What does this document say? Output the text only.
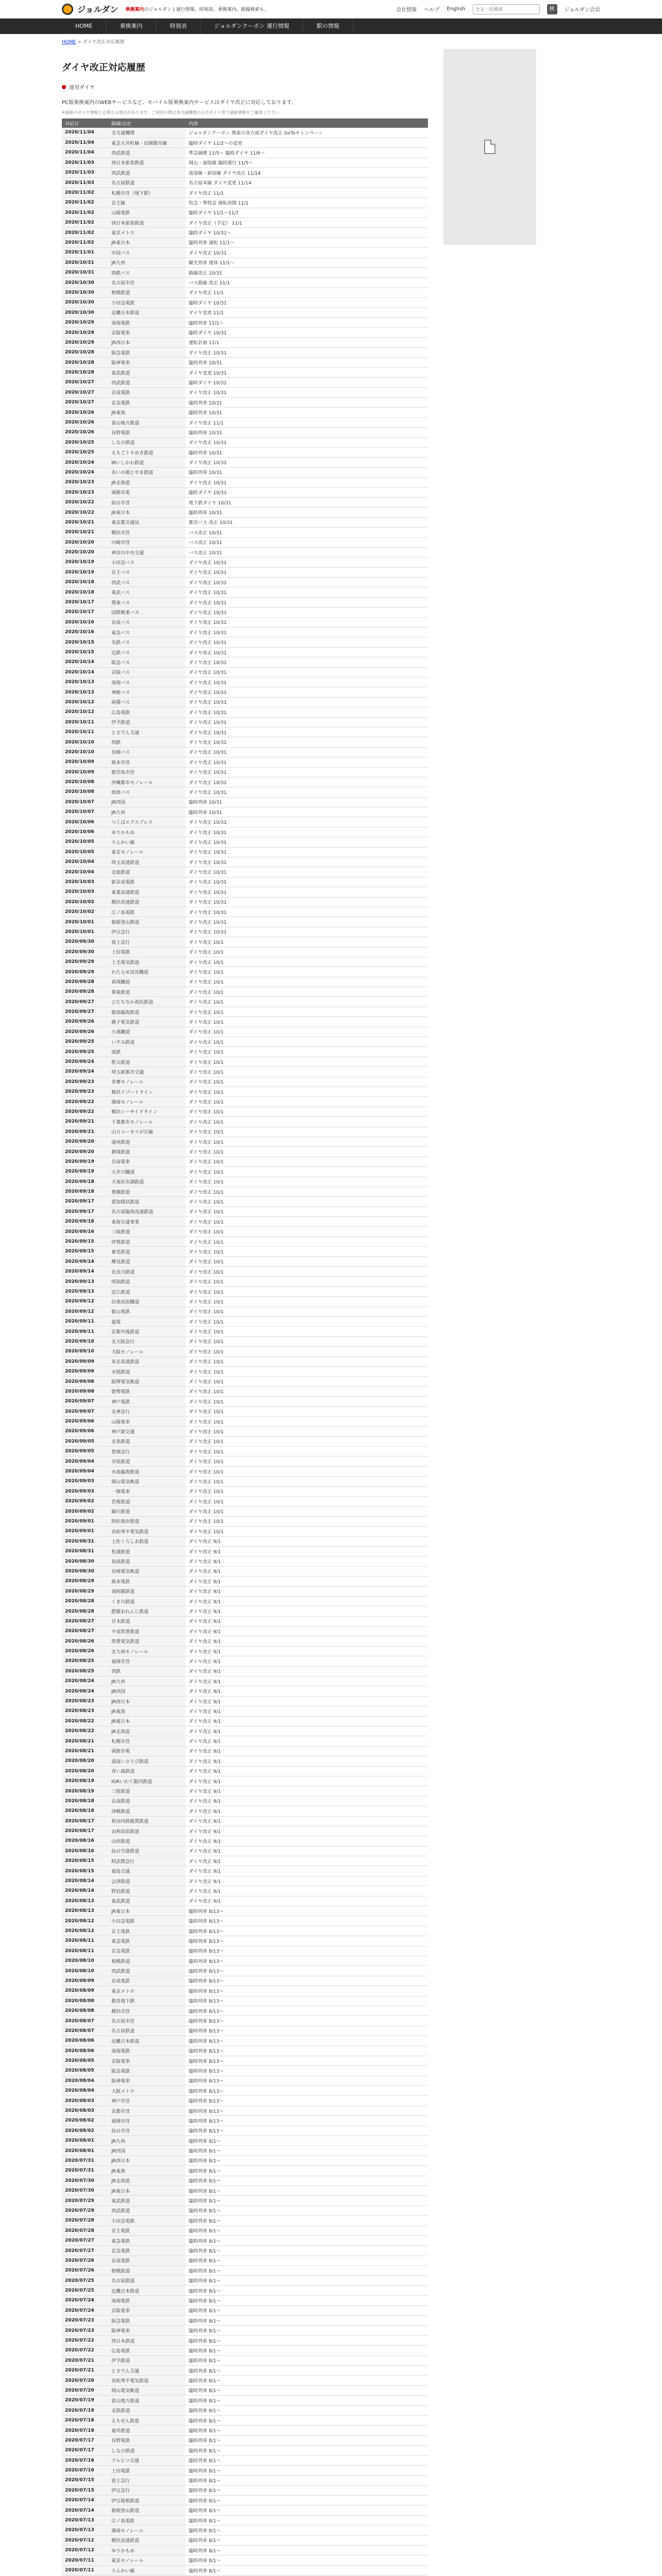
ジョルダン 乗換案内のジョルダン | 運行情報、時刻表、乗換案内、路線検索も。	会社情報 ヘルプ English
全文一括検索	検	ジョルダン会員
HOME	乗換案内	時刻表	ジョルダンクーポン 運行情報	駅の情報
HOME > ダイヤ改正対応履歴
ダイヤ改正対応履歴
運用ダイヤ

PC版乗換案内のWEBサービスなど、モバイル版乗換案内サービスはダイヤ改正に対応しております。

※最新のダイヤ情報とは異なる場合があります。ご利用の際は各交通機関の公式サイト等で最新情報をご確認ください。

対応日	路線/会社	内容
2020/11/04	全交通機関	ジョルダンクーポン 関東の各方面ダイヤ改正 GoToキャンペーン
2020/11/04	東急大井町線・田園都市線	臨時ダイヤ 11/2〜の変更
2020/11/04	西武鉄道	準急減便 11/5〜 臨時ダイヤ 11/6〜
2020/11/03	西日本旅客鉄道	岡山・福塩線 臨時運行 11/5〜
2020/11/03	西武鉄道	池袋線・新宿線 ダイヤ改正 11/14
2020/11/03	名古屋鉄道	名古屋本線 ダイヤ変更 11/14
2020/11/02	札幌市営（地下鉄）	ダイヤ改正 11/1
2020/11/02	京王線	特急・準特急 運転再開 11/1
2020/11/02	山陽電鉄	臨時ダイヤ 11/1〜11/7
2020/11/02	西日本旅客鉄道	ダイヤ改正（予定） 11/1
2020/11/02	東京メトロ	臨時ダイヤ 10/31〜
2020/11/02	JR東日本	臨時列車 運転 11/1〜
2020/11/01	中国バス	ダイヤ改正 10/31
2020/10/31	JR九州	観光列車 運休 11/1〜
2020/10/31	西鉄バス	路線改正 10/31
2020/10/30	名古屋市営	バス路線 改正 11/1
2020/10/30	相模鉄道	ダイヤ改正 11/1
2020/10/30	小田急電鉄	臨時ダイヤ 10/31
2020/10/30	近畿日本鉄道	ダイヤ変更 11/1
2020/10/29	南海電鉄	臨時列車 11/1〜
2020/10/29	京阪電車	臨時ダイヤ 10/31
2020/10/29	JR西日本	運転計画 11/1
2020/10/28	阪急電鉄	ダイヤ改正 10/31
2020/10/28	阪神電車	臨時列車 10/31
2020/10/28	東武鉄道	ダイヤ変更 10/31
2020/10/27	西武鉄道	臨時ダイヤ 10/31
2020/10/27	京成電鉄	ダイヤ改正 10/31
2020/10/27	京急電鉄	臨時列車 10/31
2020/10/26	JR東海	臨時列車 10/31
2020/10/26	富山地方鉄道	ダイヤ改正 11/1
2020/10/26	長野電鉄	臨時列車 10/31
2020/10/25	しなの鉄道	ダイヤ改正 10/31
2020/10/25	えちごトキめき鉄道	臨時列車 10/31
2020/10/24	IRいしかわ鉄道	ダイヤ改正 10/31
2020/10/24	あいの風とやま鉄道	臨時列車 10/31
2020/10/23	JR北海道	ダイヤ改正 10/31
2020/10/23	函館市電	臨時ダイヤ 10/31
2020/10/22	仙台市営	地下鉄ダイヤ 10/31
2020/10/22	JR東日本	臨時列車 10/31
2020/10/21	東京都交通局	都営バス 改正 10/31
2020/10/21	横浜市営	バス改正 10/31
2020/10/20	川崎市営	バス改正 10/31
2020/10/20	神奈川中央交通	バス改正 10/31
2020/10/19	小田急バス	ダイヤ改正 10/31
2020/10/19	京王バス	ダイヤ改正 10/31
2020/10/18	西武バス	ダイヤ改正 10/31
2020/10/18	東武バス	ダイヤ改正 10/31
2020/10/17	関東バス	ダイヤ改正 10/31
2020/10/17	国際興業バス	ダイヤ改正 10/31
2020/10/16	京成バス	ダイヤ改正 10/31
2020/10/16	東急バス	ダイヤ改正 10/31
2020/10/15	名鉄バス	ダイヤ改正 10/31
2020/10/15	近鉄バス	ダイヤ改正 10/31
2020/10/14	阪急バス	ダイヤ改正 10/31
2020/10/14	京阪バス	ダイヤ改正 10/31
2020/10/13	南海バス	ダイヤ改正 10/31
2020/10/13	神姫バス	ダイヤ改正 10/31
2020/10/12	両備バス	ダイヤ改正 10/31
2020/10/12	広島電鉄	ダイヤ改正 10/31
2020/10/11	伊予鉄道	ダイヤ改正 10/31
2020/10/11	とさでん交通	ダイヤ改正 10/31
2020/10/10	西鉄	ダイヤ改正 10/31
2020/10/10	長崎バス	ダイヤ改正 10/31
2020/10/09	熊本市営	ダイヤ改正 10/31
2020/10/09	鹿児島市営	ダイヤ改正 10/31
2020/10/08	沖縄都市モノレール	ダイヤ改正 10/31
2020/10/08	琉球バス	ダイヤ改正 10/31
2020/10/07	JR四国	臨時列車 10/31
2020/10/07	JR九州	臨時列車 10/31
2020/10/06	つくばエクスプレス	ダイヤ改正 10/31
2020/10/06	ゆりかもめ	ダイヤ改正 10/31
2020/10/05	りんかい線	ダイヤ改正 10/31
2020/10/05	東京モノレール	ダイヤ改正 10/31
2020/10/04	埼玉高速鉄道	ダイヤ改正 10/31
2020/10/04	北総鉄道	ダイヤ改正 10/31
2020/10/03	新京成電鉄	ダイヤ改正 10/31
2020/10/03	東葉高速鉄道	ダイヤ改正 10/31
2020/10/02	横浜高速鉄道	ダイヤ改正 10/31
2020/10/02	江ノ島電鉄	ダイヤ改正 10/31
2020/10/01	箱根登山鉄道	ダイヤ改正 10/31
2020/10/01	伊豆急行	ダイヤ改正 10/31
2020/09/30	富士急行	ダイヤ改正 10/1
2020/09/30	上信電鉄	ダイヤ改正 10/1
2020/09/29	上毛電気鉄道	ダイヤ改正 10/1
2020/09/29	わたらせ渓谷鐵道	ダイヤ改正 10/1
2020/09/28	真岡鐵道	ダイヤ改正 10/1
2020/09/28	関東鉄道	ダイヤ改正 10/1
2020/09/27	ひたちなか海浜鉄道	ダイヤ改正 10/1
2020/09/27	鹿島臨海鉄道	ダイヤ改正 10/1
2020/09/26	銚子電気鉄道	ダイヤ改正 10/1
2020/09/26	小湊鐵道	ダイヤ改正 10/1
2020/09/25	いすみ鉄道	ダイヤ改正 10/1
2020/09/25	流鉄	ダイヤ改正 10/1
2020/09/24	秩父鉄道	ダイヤ改正 10/1
2020/09/24	埼玉新都市交通	ダイヤ改正 10/1
2020/09/23	多摩モノレール	ダイヤ改正 10/1
2020/09/23	舞浜リゾートライン	ダイヤ改正 10/1
2020/09/22	湘南モノレール	ダイヤ改正 10/1
2020/09/22	横浜シーサイドライン	ダイヤ改正 10/1
2020/09/21	千葉都市モノレール	ダイヤ改正 10/1
2020/09/21	山万ユーカリが丘線	ダイヤ改正 10/1
2020/09/20	遠州鉄道	ダイヤ改正 10/1
2020/09/20	静岡鉄道	ダイヤ改正 10/1
2020/09/19	岳南電車	ダイヤ改正 10/1
2020/09/19	大井川鐵道	ダイヤ改正 10/1
2020/09/18	天竜浜名湖鉄道	ダイヤ改正 10/1
2020/09/18	豊橋鉄道	ダイヤ改正 10/1
2020/09/17	愛知環状鉄道	ダイヤ改正 10/1
2020/09/17	名古屋臨海高速鉄道	ダイヤ改正 10/1
2020/09/16	東海交通事業	ダイヤ改正 10/1
2020/09/16	三岐鉄道	ダイヤ改正 10/1
2020/09/15	伊賀鉄道	ダイヤ改正 10/1
2020/09/15	養老鉄道	ダイヤ改正 10/1
2020/09/14	樽見鉄道	ダイヤ改正 10/1
2020/09/14	長良川鉄道	ダイヤ改正 10/1
2020/09/13	明知鉄道	ダイヤ改正 10/1
2020/09/13	近江鉄道	ダイヤ改正 10/1
2020/09/12	信楽高原鐵道	ダイヤ改正 10/1
2020/09/12	叡山電鉄	ダイヤ改正 10/1
2020/09/11	嵐電	ダイヤ改正 10/1
2020/09/11	京都丹後鉄道	ダイヤ改正 10/1
2020/09/10	北大阪急行	ダイヤ改正 10/1
2020/09/10	大阪モノレール	ダイヤ改正 10/1
2020/09/09	泉北高速鉄道	ダイヤ改正 10/1
2020/09/09	水間鉄道	ダイヤ改正 10/1
2020/09/08	阪堺電気軌道	ダイヤ改正 10/1
2020/09/08	能勢電鉄	ダイヤ改正 10/1
2020/09/07	神戸電鉄	ダイヤ改正 10/1
2020/09/07	北神急行	ダイヤ改正 10/1
2020/09/06	山陽電車	ダイヤ改正 10/1
2020/09/06	神戸新交通	ダイヤ改正 10/1
2020/09/05	北条鉄道	ダイヤ改正 10/1
2020/09/05	智頭急行	ダイヤ改正 10/1
2020/09/04	井原鉄道	ダイヤ改正 10/1
2020/09/04	水島臨海鉄道	ダイヤ改正 10/1
2020/09/03	岡山電気軌道	ダイヤ改正 10/1
2020/09/03	一畑電車	ダイヤ改正 10/1
2020/09/02	若桜鉄道	ダイヤ改正 10/1
2020/09/02	錦川鉄道	ダイヤ改正 10/1
2020/09/01	阿佐海岸鉄道	ダイヤ改正 10/1
2020/09/01	高松琴平電気鉄道	ダイヤ改正 10/1
2020/08/31	土佐くろしお鉄道	ダイヤ改正 9/1
2020/08/31	松浦鉄道	ダイヤ改正 9/1
2020/08/30	島原鉄道	ダイヤ改正 9/1
2020/08/30	長崎電気軌道	ダイヤ改正 9/1
2020/08/29	熊本電鉄	ダイヤ改正 9/1
2020/08/29	南阿蘇鉄道	ダイヤ改正 9/1
2020/08/28	くま川鉄道	ダイヤ改正 9/1
2020/08/28	肥薩おれんじ鉄道	ダイヤ改正 9/1
2020/08/27	甘木鉄道	ダイヤ改正 9/1
2020/08/27	平成筑豊鉄道	ダイヤ改正 9/1
2020/08/26	筑豊電気鉄道	ダイヤ改正 9/1
2020/08/26	北九州モノレール	ダイヤ改正 9/1
2020/08/25	福岡市営	ダイヤ改正 9/1
2020/08/25	西鉄	ダイヤ改正 9/1
2020/08/24	JR九州	ダイヤ改正 9/1
2020/08/24	JR四国	ダイヤ改正 9/1
2020/08/23	JR西日本	ダイヤ改正 9/1
2020/08/23	JR東海	ダイヤ改正 9/1
2020/08/22	JR東日本	ダイヤ改正 9/1
2020/08/22	JR北海道	ダイヤ改正 9/1
2020/08/21	札幌市営	ダイヤ改正 9/1
2020/08/21	函館市電	ダイヤ改正 9/1
2020/08/20	道南いさりび鉄道	ダイヤ改正 9/1
2020/08/20	青い森鉄道	ダイヤ改正 9/1
2020/08/19	IGRいわて銀河鉄道	ダイヤ改正 9/1
2020/08/19	三陸鉄道	ダイヤ改正 9/1
2020/08/18	弘南鉄道	ダイヤ改正 9/1
2020/08/18	津軽鉄道	ダイヤ改正 9/1
2020/08/17	秋田内陸縦貫鉄道	ダイヤ改正 9/1
2020/08/17	由利高原鉄道	ダイヤ改正 9/1
2020/08/16	山形鉄道	ダイヤ改正 9/1
2020/08/16	仙台空港鉄道	ダイヤ改正 9/1
2020/08/15	阿武隈急行	ダイヤ改正 9/1
2020/08/15	福島交通	ダイヤ改正 9/1
2020/08/14	会津鉄道	ダイヤ改正 9/1
2020/08/14	野岩鉄道	ダイヤ改正 9/1
2020/08/13	東武鉄道	ダイヤ改正 9/1
2020/08/13	JR東日本	臨時列車 8/13〜
2020/08/12	小田急電鉄	臨時列車 8/13〜
2020/08/12	京王電鉄	臨時列車 8/13〜
2020/08/11	東急電鉄	臨時列車 8/13〜
2020/08/11	京急電鉄	臨時列車 8/13〜
2020/08/10	相模鉄道	臨時列車 8/13〜
2020/08/10	西武鉄道	臨時列車 8/13〜
2020/08/09	京成電鉄	臨時列車 8/13〜
2020/08/09	東京メトロ	臨時列車 8/13〜
2020/08/08	都営地下鉄	臨時列車 8/13〜
2020/08/08	横浜市営	臨時列車 8/13〜
2020/08/07	名古屋市営	臨時列車 8/13〜
2020/08/07	名古屋鉄道	臨時列車 8/13〜
2020/08/06	近畿日本鉄道	臨時列車 8/13〜
2020/08/06	南海電鉄	臨時列車 8/13〜
2020/08/05	京阪電車	臨時列車 8/13〜
2020/08/05	阪急電鉄	臨時列車 8/13〜
2020/08/04	阪神電車	臨時列車 8/13〜
2020/08/04	大阪メトロ	臨時列車 8/13〜
2020/08/03	神戸市営	臨時列車 8/13〜
2020/08/03	京都市営	臨時列車 8/13〜
2020/08/02	福岡市営	臨時列車 8/13〜
2020/08/02	仙台市営	臨時列車 8/13〜
2020/08/01	JR九州	臨時列車 8/1〜
2020/08/01	JR四国	臨時列車 8/1〜
2020/07/31	JR西日本	臨時列車 8/1〜
2020/07/31	JR東海	臨時列車 8/1〜
2020/07/30	JR北海道	臨時列車 8/1〜
2020/07/30	JR東日本	臨時列車 8/1〜
2020/07/29	東武鉄道	臨時列車 8/1〜
2020/07/29	西武鉄道	臨時列車 8/1〜
2020/07/28	小田急電鉄	臨時列車 8/1〜
2020/07/28	京王電鉄	臨時列車 8/1〜
2020/07/27	東急電鉄	臨時列車 8/1〜
2020/07/27	京急電鉄	臨時列車 8/1〜
2020/07/26	京成電鉄	臨時列車 8/1〜
2020/07/26	相模鉄道	臨時列車 8/1〜
2020/07/25	名古屋鉄道	臨時列車 8/1〜
2020/07/25	近畿日本鉄道	臨時列車 8/1〜
2020/07/24	南海電鉄	臨時列車 8/1〜
2020/07/24	京阪電車	臨時列車 8/1〜
2020/07/23	阪急電鉄	臨時列車 8/1〜
2020/07/23	阪神電車	臨時列車 8/1〜
2020/07/22	西日本鉄道	臨時列車 8/1〜
2020/07/22	広島電鉄	臨時列車 8/1〜
2020/07/21	伊予鉄道	臨時列車 8/1〜
2020/07/21	とさでん交通	臨時列車 8/1〜
2020/07/20	高松琴平電気鉄道	臨時列車 8/1〜
2020/07/20	岡山電気軌道	臨時列車 8/1〜
2020/07/19	富山地方鉄道	臨時列車 8/1〜
2020/07/19	北陸鉄道	臨時列車 8/1〜
2020/07/18	えちぜん鉄道	臨時列車 8/1〜
2020/07/18	福井鉄道	臨時列車 8/1〜
2020/07/17	長野電鉄	臨時列車 8/1〜
2020/07/17	しなの鉄道	臨時列車 8/1〜
2020/07/16	アルピコ交通	臨時列車 8/1〜
2020/07/16	上田電鉄	臨時列車 8/1〜
2020/07/15	富士急行	臨時列車 8/1〜
2020/07/15	伊豆急行	臨時列車 8/1〜
2020/07/14	伊豆箱根鉄道	臨時列車 8/1〜
2020/07/14	箱根登山鉄道	臨時列車 8/1〜
2020/07/13	江ノ島電鉄	臨時列車 8/1〜
2020/07/13	湘南モノレール	臨時列車 8/1〜
2020/07/12	横浜高速鉄道	臨時列車 8/1〜
2020/07/12	ゆりかもめ	臨時列車 8/1〜
2020/07/11	東京モノレール	臨時列車 8/1〜
2020/07/11	りんかい線	臨時列車 8/1〜
